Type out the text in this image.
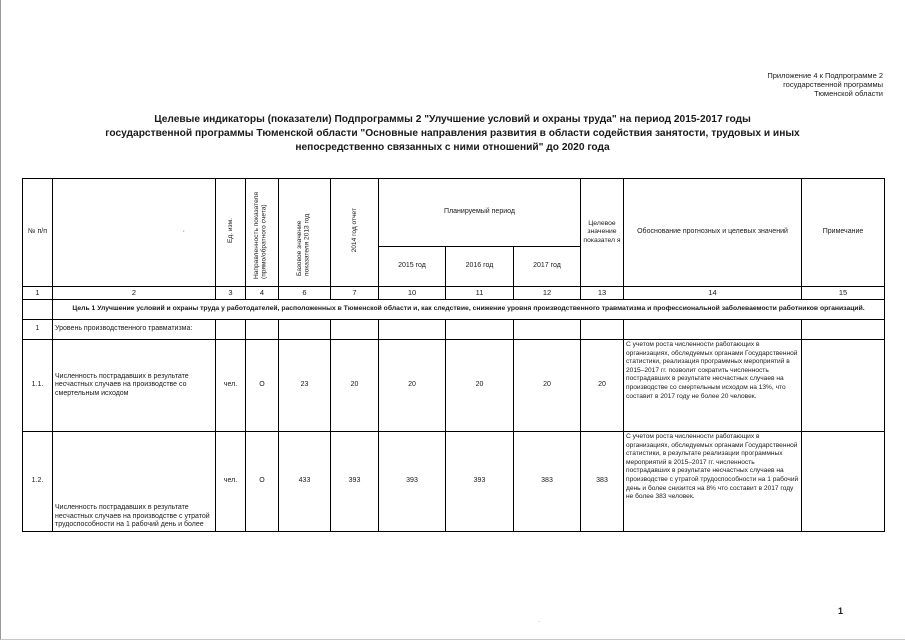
Приложение 4 к Подпрограмме 2
государственной программы
Тюменской области
Целевые индикаторы (показатели) Подпрограммы 2 "Улучшение условий и охраны труда" на период 2015-2017 годы
государственной программы Тюменской области "Основные направления развития в области содействия занятости, трудовых и иных
непосредственно связанных с ними отношений" до 2020 года
№ п/п	·	Ед. изм.	Направленность показателя (прямо/обратного счета)	Базовое значение показателя 2013 год	2014 год отчет	Планируемый период			Целевое значение показател я	Обоснование прогнозных и целевых значений	Примечание
						2015 год	2016 год	2017 год			
1	2	3	4	6	7	10	11	12	13	14	15
	Цель 1 Улучшение условий и охраны труда у работодателей, расположенных в Тюменской области и, как следствие, снижение уровня производственного травматизма и профессиональной заболеваемости работников организаций.										
1	Уровень производственного травматизма:										
1.1.	Численность пострадавших в результате несчастных случаев на производстве со смертельным исходом	чел.	О	23	20	20	20	20	20	С учетом роста численности работающих в организациях, обследуемых органами Государственной статистики, реализация программных мероприятий в 2015–2017 гг. позволит сократить численность пострадавших в результате несчастных случаев на производстве со смертельным исходом на 13%, что составит в 2017 году не более 20 человек.	
1.2.	Численность пострадавших в результате несчастных случаев на производстве с утратой трудоспособности на 1 рабочий день и более	чел.	О	433	393	393	393	383	383	С учетом роста численности работающих в организациях, обследуемых органами Государственной статистики, в результате реализации программных мероприятий в 2015–2017 гг. численность пострадавших в результате несчастных случаев на производстве с утратой трудоспособности на 1 рабочий день и более снизится на 8% что составит в 2017 году не более 383 человек.	
1
·
